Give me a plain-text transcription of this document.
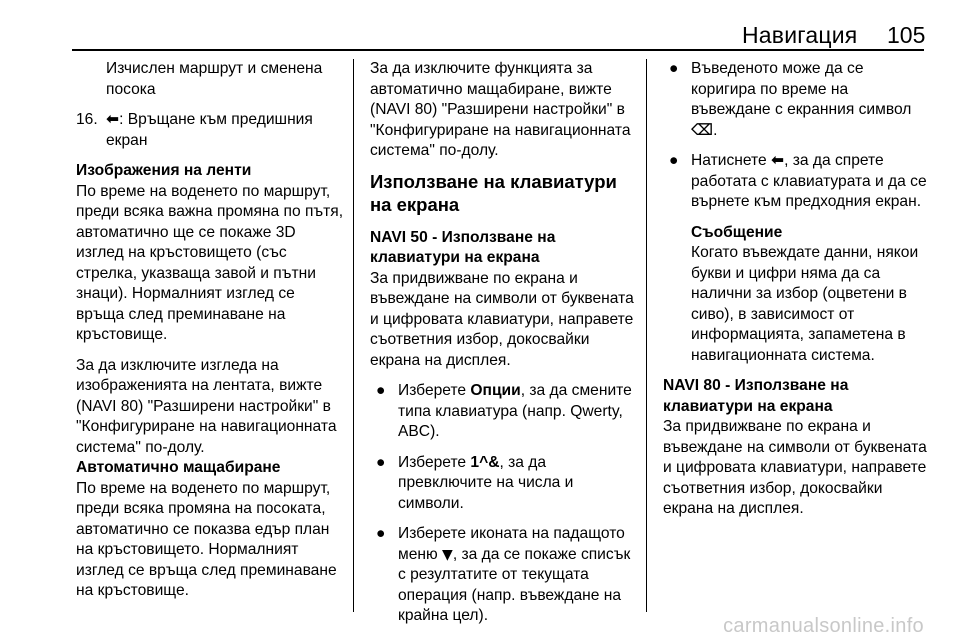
Навигация 105

Изчислен маршрут и сменена посока

16. ⬅: Връщане към предишния екран
Изображения на ленти

По време на воденето по маршрут, преди всяка важна промяна по пътя, автоматично ще се покаже 3D изглед на кръстовището (със стрелка, указваща завой и пътни знаци). Нормалният изглед се връща след преминаване на кръстовище.

За да изключите изгледа на изображенията на лентата, вижте (NAVI 80) "Разширени настройки" в "Конфигуриране на навигационната система" по-долу.

Автоматично мащабиране

По време на воденето по маршрут, преди всяка промяна на посоката, автоматично се показва едър план на кръстовището. Нормалният изглед се връща след преминаване на кръстовище.

За да изключите функцията за автоматично мащабиране, вижте (NAVI 80) "Разширени настройки" в "Конфигуриране на навигационната система" по-долу.

Използване на клавиатури на екрана
NAVI 50 - Използване на клавиатури на екрана

За придвижване по екрана и въвеждане на символи от буквената и цифровата клавиатури, направете съответния избор, докосвайки екрана на дисплея.

● Изберете Опции, за да смените типа клавиатура (напр. Qwerty, ABC).
● Изберете 1^&, за да превключите на числа и символи.
● Изберете иконата на падащото меню ▼, за да се покаже списък с резултатите от текущата операция (напр. въвеждане на крайна цел).
● Въведеното може да се коригира по време на въвеждане с екранния символ ⌫.
● Натиснете ⬅, за да спрете работата с клавиатурата и да се върнете към предходния екран.
Съобщение

Когато въвеждате данни, някои букви и цифри няма да са налични за избор (оцветени в сиво), в зависимост от информацията, запаметена в навигационната система.

NAVI 80 - Използване на клавиатури на екрана

За придвижване по екрана и въвеждане на символи от буквената и цифровата клавиатури, направете съответния избор, докосвайки екрана на дисплея.

carmanualsonline.info
